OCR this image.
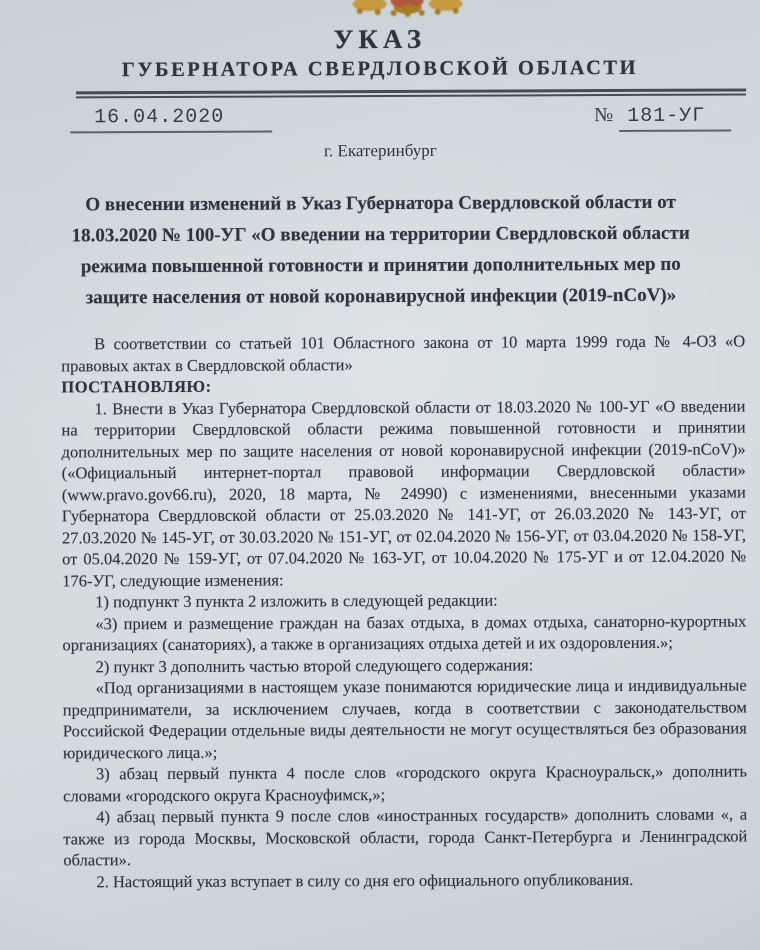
УКАЗ
ГУБЕРНАТОРА СВЕРДЛОВСКОЙ ОБЛАСТИ
16.04.2020	№ 181-УГ
г. Екатеринбург
О внесении изменений в Указ Губернатора Свердловской области от 18.03.2020 № 100-УГ «О введении на территории Свердловской области режима повышенной готовности и принятии дополнительных мер по защите населения от новой коронавирусной инфекции (2019-nCoV)»

В соответствии со статьей 101 Областного закона от 10 марта 1999 года № 4-ОЗ «О правовых актах в Свердловской области»

ПОСТАНОВЛЯЮ:

1. Внести в Указ Губернатора Свердловской области от 18.03.2020 № 100-УГ «О введении на территории Свердловской области режима повышенной готовности и принятии дополнительных мер по защите населения от новой коронавирусной инфекции (2019-nCoV)» («Официальный интернет-портал правовой информации Свердловской области» (www.pravo.gov66.ru), 2020, 18 марта, № 24990) с изменениями, внесенными указами Губернатора Свердловской области от 25.03.2020 № 141-УГ, от 26.03.2020 № 143-УГ, от 27.03.2020 № 145-УГ, от 30.03.2020 № 151-УГ, от 02.04.2020 № 156-УГ, от 03.04.2020 № 158-УГ, от 05.04.2020 № 159-УГ, от 07.04.2020 № 163-УГ, от 10.04.2020 № 175-УГ и от 12.04.2020 № 176-УГ, следующие изменения:

1) подпункт 3 пункта 2 изложить в следующей редакции:

«3) прием и размещение граждан на базах отдыха, в домах отдыха, санаторно-курортных организациях (санаториях), а также в организациях отдыха детей и их оздоровления.»;

2) пункт 3 дополнить частью второй следующего содержания:

«Под организациями в настоящем указе понимаются юридические лица и индивидуальные предприниматели, за исключением случаев, когда в соответствии с законодательством Российской Федерации отдельные виды деятельности не могут осуществляться без образования юридического лица.»;

3) абзац первый пункта 4 после слов «городского округа Красноуральск,» дополнить словами «городского округа Красноуфимск,»;

4) абзац первый пункта 9 после слов «иностранных государств» дополнить словами «, а также из города Москвы, Московской области, города Санкт-Петербурга и Ленинградской области».

2. Настоящий указ вступает в силу со дня его официального опубликования.
